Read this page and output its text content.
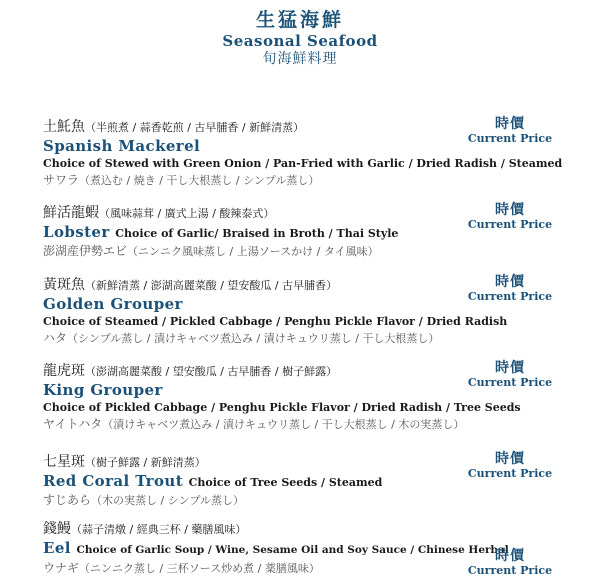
生猛海鮮
Seasonal Seafood
旬海鮮料理
土魠魚（半煎煮 / 蒜香乾煎 / 古早脯香 / 新鮮清蒸）
Spanish Mackerel
Choice of Stewed with Green Onion / Pan-Fried with Garlic / Dried Radish / Steamed
サワラ（煮込む / 焼き / 干し大根蒸し / シンプル蒸し）
時價
Current Price
鮮活龍蝦（風味蒜茸 / 廣式上湯 / 酸辣泰式）
Lobster Choice of Garlic/ Braised in Broth / Thai Style
澎湖産伊勢エビ（ニンニク風味蒸し / 上湯ソースかけ / タイ風味）
時價
Current Price
黃斑魚（新鮮清蒸 / 澎湖高麗菜酸 / 望安酸瓜 / 古早脯香）
Golden Grouper
Choice of Steamed / Pickled Cabbage / Penghu Pickle Flavor / Dried Radish
ハタ（シンプル蒸し / 漬けキャベツ煮込み / 漬けキュウリ蒸し / 干し大根蒸し）
時價
Current Price
龍虎斑（澎湖高麗菜酸 / 望安酸瓜 / 古早脯香 / 樹子鮮露）
King Grouper
Choice of Pickled Cabbage / Penghu Pickle Flavor / Dried Radish / Tree Seeds
ヤイトハタ（漬けキャベツ煮込み / 漬けキュウリ蒸し / 干し大根蒸し / 木の実蒸し）
時價
Current Price
七星斑（樹子鮮露 / 新鮮清蒸）
Red Coral Trout Choice of Tree Seeds / Steamed
すじあら（木の実蒸し / シンプル蒸し）
時價
Current Price
錢鰻（蒜子清燉 / 經典三杯 / 藥膳風味）
Eel Choice of Garlic Soup / Wine, Sesame Oil and Soy Sauce / Chinese Herbal
ウナギ（ニンニク蒸し / 三杯ソース炒め煮 / 薬膳風味）
時價
Current Price
